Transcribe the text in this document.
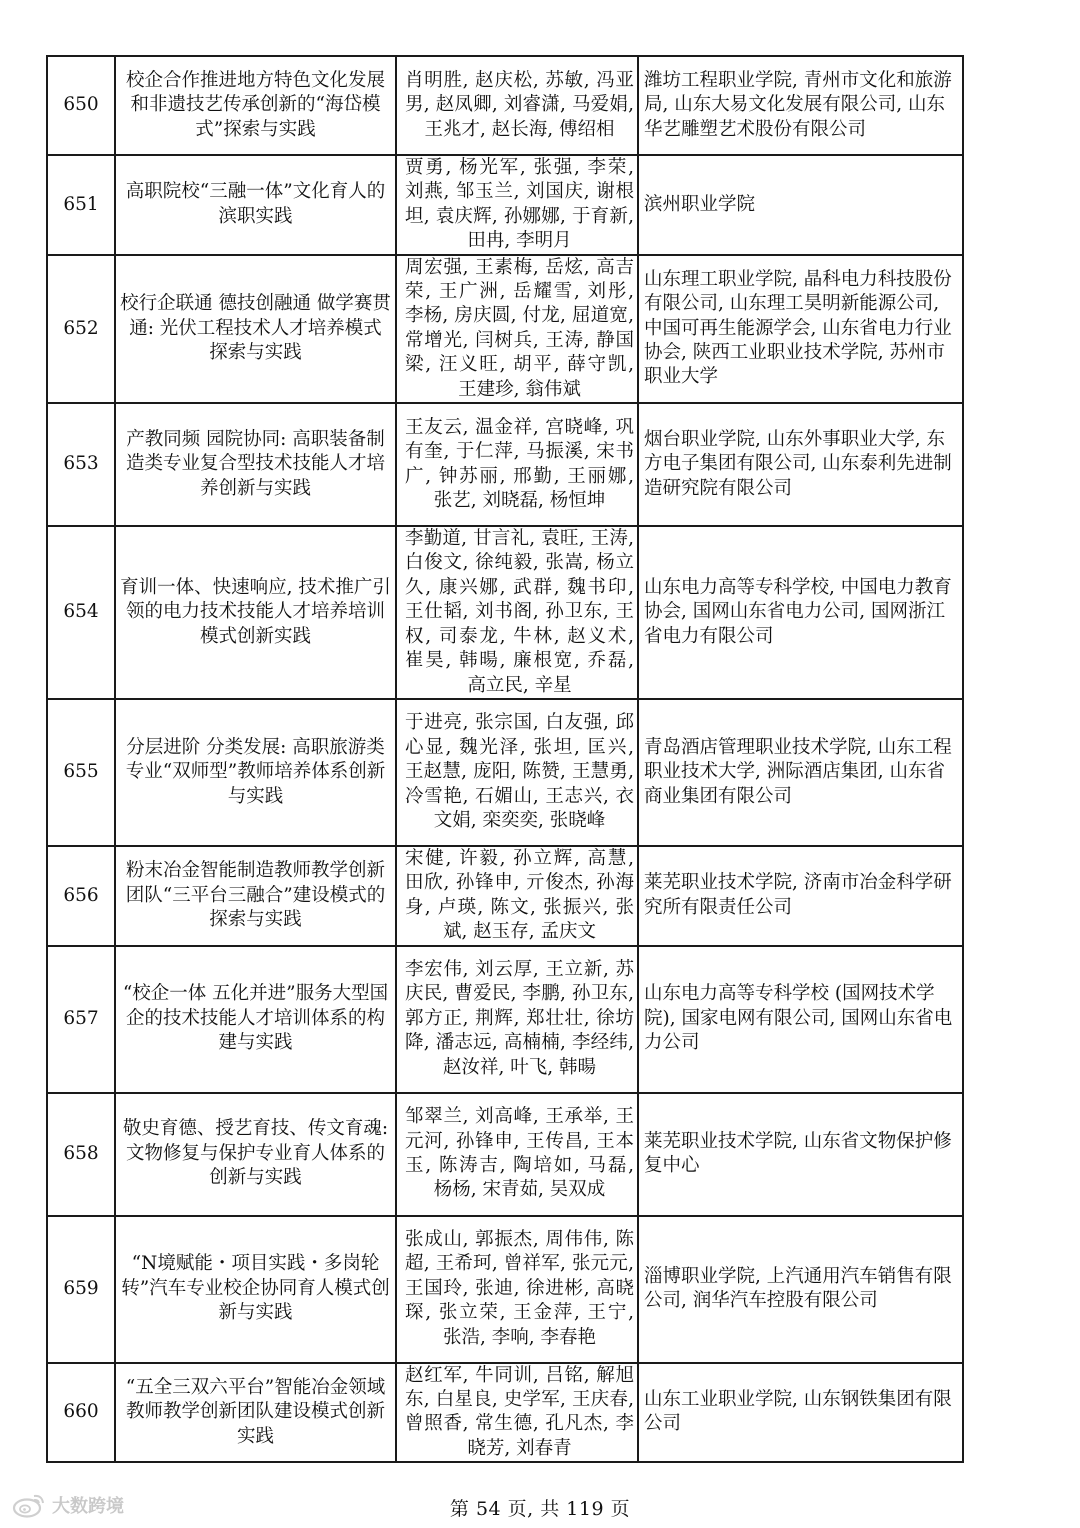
650	校企合作推进地方特色文化发展和非遗技艺传承创新的“海岱模式”探索与实践	肖明胜, 赵庆松, 苏敏, 冯亚男, 赵凤卿, 刘睿潇, 马爱娟, 王兆才, 赵长海, 傅绍相	潍坊工程职业学院, 青州市文化和旅游局, 山东大易文化发展有限公司, 山东华艺雕塑艺术股份有限公司
651	高职院校“三融一体”文化育人的滨职实践	贾勇, 杨光军, 张强, 李荣, 刘燕, 邹玉兰, 刘国庆, 谢根坦, 袁庆辉, 孙娜娜, 于育新, 田冉, 李明月	滨州职业学院
652	校行企联通 德技创融通 做学赛贯通: 光伏工程技术人才培养模式探索与实践	周宏强, 王素梅, 岳炫, 高吉荣, 王广洲, 岳耀雪, 刘彤, 李杨, 房庆圆, 付龙, 屈道宽, 常增光, 闫树兵, 王涛, 静国梁, 汪义旺, 胡平, 薛守凯, 王建珍, 翁伟斌	山东理工职业学院, 晶科电力科技股份有限公司, 山东理工昊明新能源公司, 中国可再生能源学会, 山东省电力行业协会, 陕西工业职业技术学院, 苏州市职业大学
653	产教同频 园院协同: 高职装备制造类专业复合型技术技能人才培养创新与实践	王友云, 温金祥, 宫晓峰, 巩有奎, 于仁萍, 马振溪, 宋书广, 钟苏丽, 邢勤, 王丽娜, 张艺, 刘晓磊, 杨恒坤	烟台职业学院, 山东外事职业大学, 东方电子集团有限公司, 山东泰利先进制造研究院有限公司
654	育训一体、快速响应, 技术推广引领的电力技术技能人才培养培训模式创新实践	李勤道, 甘言礼, 袁旺, 王涛, 白俊文, 徐纯毅, 张嵩, 杨立久, 康兴娜, 武群, 魏书印, 王仕韬, 刘书阁, 孙卫东, 王权, 司泰龙, 牛林, 赵义术, 崔昊, 韩暘, 廉根宽, 乔磊, 高立民, 辛星	山东电力高等专科学校, 中国电力教育协会, 国网山东省电力公司, 国网浙江省电力有限公司
655	分层进阶 分类发展: 高职旅游类专业“双师型”教师培养体系创新与实践	于进亮, 张宗国, 白友强, 邱心显, 魏光泽, 张坦, 匡兴, 王赵慧, 庞阳, 陈赞, 王慧勇, 冷雪艳, 石媚山, 王志兴, 衣文娟, 栾奕奕, 张晓峰	青岛酒店管理职业技术学院, 山东工程职业技术大学, 洲际酒店集团, 山东省商业集团有限公司
656	粉末冶金智能制造教师教学创新团队“三平台三融合”建设模式的探索与实践	宋健, 许毅, 孙立辉, 高慧, 田欣, 孙锋申, 亓俊杰, 孙海身, 卢瑛, 陈文, 张振兴, 张斌, 赵玉存, 孟庆文	莱芜职业技术学院, 济南市冶金科学研究所有限责任公司
657	“校企一体 五化并进”服务大型国企的技术技能人才培训体系的构建与实践	李宏伟, 刘云厚, 王立新, 苏庆民, 曹爱民, 李鹏, 孙卫东, 郭方正, 荆辉, 郑壮壮, 徐坊降, 潘志远, 高楠楠, 李经纬, 赵汝祥, 叶飞, 韩暘	山东电力高等专科学校 (国网技术学院), 国家电网有限公司, 国网山东省电力公司
658	敬史育德、授艺育技、传文育魂: 文物修复与保护专业育人体系的创新与实践	邹翠兰, 刘高峰, 王承举, 王元河, 孙锋申, 王传昌, 王本玉, 陈涛吉, 陶培如, 马磊, 杨杨, 宋青茹, 吴双成	莱芜职业技术学院, 山东省文物保护修复中心
659	“N境赋能・项目实践・多岗轮转”汽车专业校企协同育人模式创新与实践	张成山, 郭振杰, 周伟伟, 陈超, 王希珂, 曾祥军, 张元元, 王国玲, 张迪, 徐进彬, 高晓琛, 张立荣, 王金萍, 王宁, 张浩, 李响, 李春艳	淄博职业学院, 上汽通用汽车销售有限公司, 润华汽车控股有限公司
660	“五全三双六平台”智能冶金领域教师教学创新团队建设模式创新实践	赵红军, 牛同训, 吕铭, 解旭东, 白星良, 史学军, 王庆春, 曾照香, 常生德, 孔凡杰, 李晓芳, 刘春青	山东工业职业学院, 山东钢铁集团有限公司
大数跨境	第 54 页, 共 119 页
